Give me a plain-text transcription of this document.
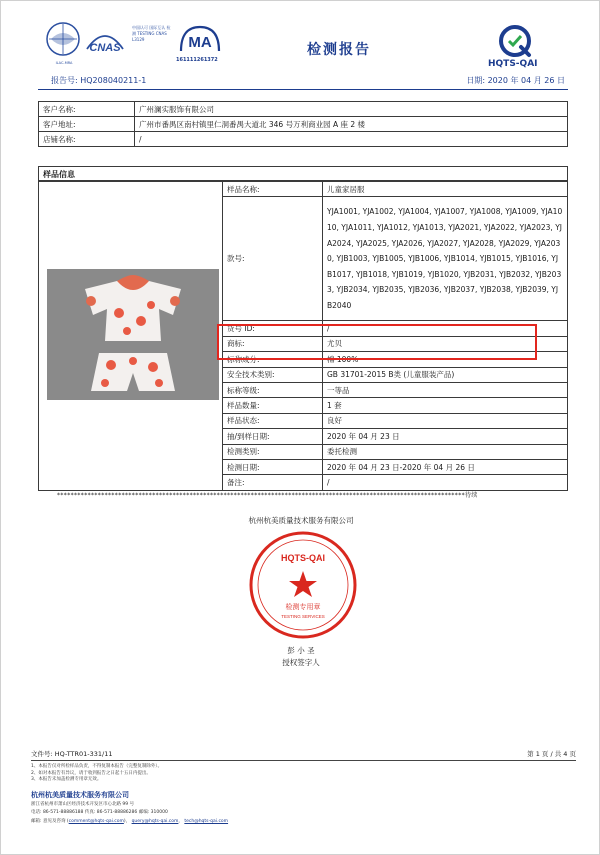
ILAC-MRA
CNAS
中国认可 国际互认 检测 TESTING CNAS L3129	MA
161111261372
检测报告
HQTS-QAI
报告号: HQ208040211-1	日期: 2020 年 04 月 26 日
客户名称:	广州澜实服饰有限公司
客户地址:	广州市番禺区南村镇里仁洞番禺大道北 346 号万利商业园 A 座 2 楼
店铺名称:	/
样品信息
	样品名称:	儿童家居服
	款号:	YJA1001, YJA1002, YJA1004, YJA1007, YJA1008, YJA1009, YJA1010, YJA1011, YJA1012, YJA1013, YJA2021, YJA2022, YJA2023, YJA2024, YJA2025, YJA2026, YJA2027, YJA2028, YJA2029, YJA2030, YJB1003, YJB1005, YJB1006, YJB1014, YJB1015, YJB1016, YJB1017, YJB1018, YJB1019, YJB1020, YJB2031, YJB2032, YJB2033, YJB2034, YJB2035, YJB2036, YJB2037, YJB2038, YJB2039, YJB2040
	货号 ID:	/
	商标:	尤贝
	标称成分:	棉 100%
	安全技术类别:	GB 31701-2015 B类 (儿童服装产品)
	标称等级:	一等品
	样品数量:	1 套
	样品状态:	良好
	抽/到样日期:	2020 年 04 月 23 日
	检测类别:	委托检测
	检测日期:	2020 年 04 月 23 日-2020 年 04 月 26 日
	备注:	/
************************************************************************************************************************待续
杭州杭美质量技术服务有限公司
HQTS-QAI
检测专用章
TESTING SERVICES
彭 小 圣
授权签字人
文件号: HQ-TTR01-331/11	第 1 页 / 共 4 页
1、本报告仅对所检样品负责，不得复制本报告（完整复制除外）。
2、如对本报告有异议，请于收到报告之日起十五日内提出。
3、本报告未加盖检测专用章无效。
杭州杭美质量技术服务有限公司
浙江省杭州市萧山区经济技术开发区市心北路 99 号
电话: 86-571-88886188 传真: 86-571-88886286 邮编: 310000
邮箱: 意见及咨询 (comment@hqts-qai.com)， query@hqts-qai.com， tech@hqts-qai.com
